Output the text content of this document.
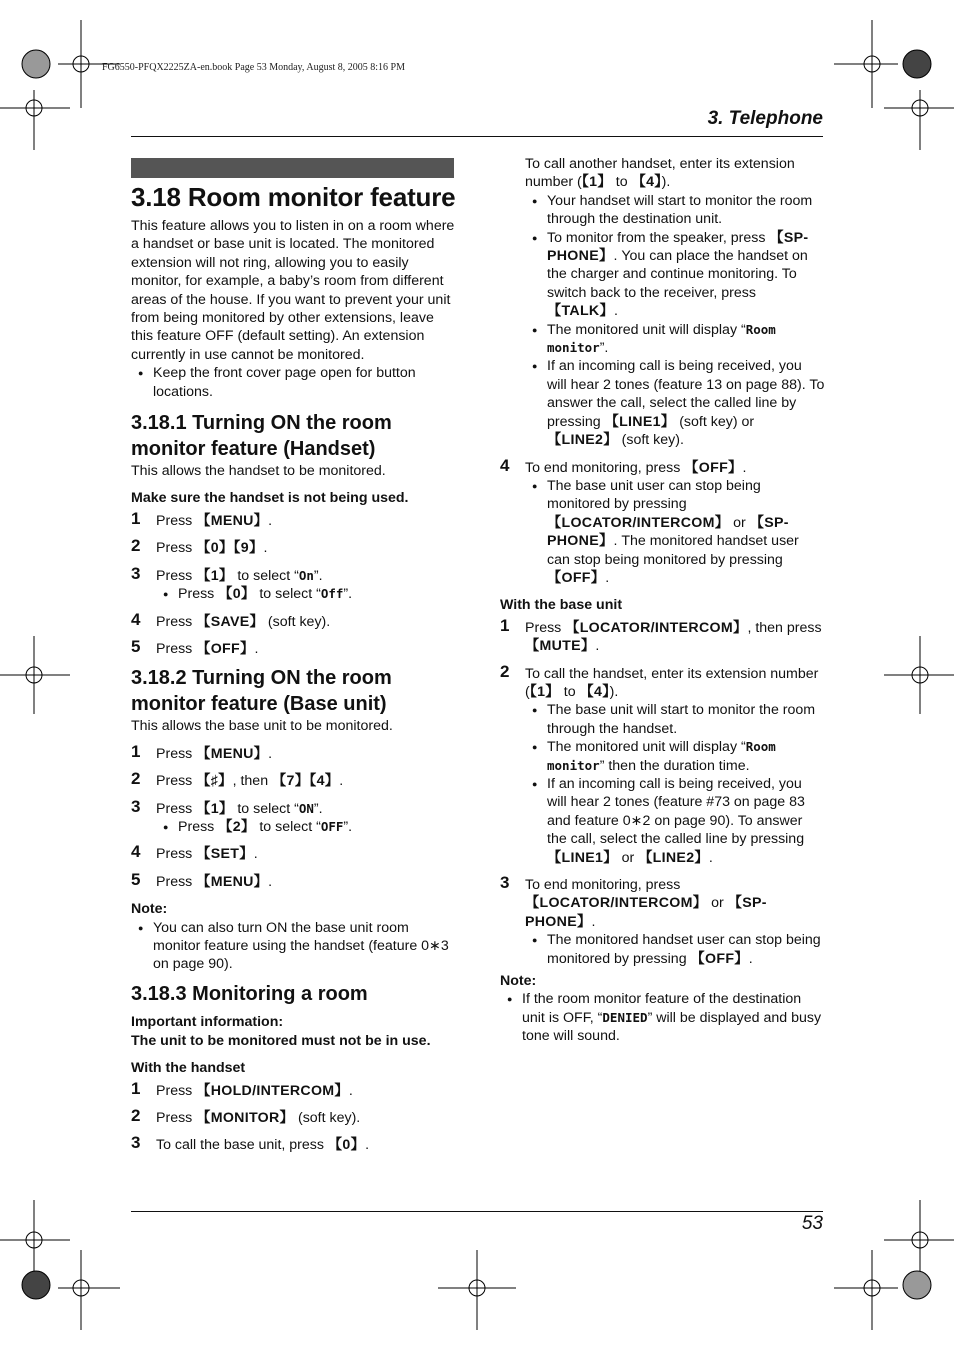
FG6550-PFQX2225ZA-en.book Page 53 Monday, August 8, 2005 8:16 PM
3. Telephone
3.18 Room monitor feature

This feature allows you to listen in on a room where a handset or base unit is located. The monitored extension will not ring, allowing you to easily monitor, for example, a baby’s room from different areas of the house. If you want to prevent your unit from being monitored by other extensions, leave this feature OFF (default setting). An extension currently in use cannot be monitored.

● Keep the front cover page open for button locations.

3.18.1 Turning ON the room monitor feature (Handset)

This allows the handset to be monitored.

Make sure the handset is not being used.

1 Press 【MENU】.

2 Press 【0】【9】.

3 Press 【1】 to select “On”.

● Press 【0】 to select “Off”.

4 Press 【SAVE】 (soft key).

5 Press 【OFF】.

3.18.2 Turning ON the room monitor feature (Base unit)

This allows the base unit to be monitored.

1 Press 【MENU】.

2 Press 【♯】, then 【7】【4】.

3 Press 【1】 to select “ON”.

● Press 【2】 to select “OFF”.

4 Press 【SET】.

5 Press 【MENU】.

Note:

● You can also turn ON the base unit room monitor feature using the handset (feature 0∗3 on page 90).

3.18.3 Monitoring a room

Important information:

The unit to be monitored must not be in use.

With the handset

1 Press 【HOLD/INTERCOM】.

2 Press 【MONITOR】 (soft key).

3 To call the base unit, press 【0】.

To call another handset, enter its extension number (【1】 to 【4】).

● Your handset will start to monitor the room through the destination unit.

● To monitor from the speaker, press 【SP-PHONE】. You can place the handset on the charger and continue monitoring. To switch back to the receiver, press 【TALK】.

● The monitored unit will display “Room monitor”.

● If an incoming call is being received, you will hear 2 tones (feature 13 on page 88). To answer the call, select the called line by pressing 【LINE1】 (soft key) or 【LINE2】 (soft key).

4 To end monitoring, press 【OFF】.

● The base unit user can stop being monitored by pressing 【LOCATOR/INTERCOM】 or 【SP-PHONE】. The monitored handset user can stop being monitored by pressing 【OFF】.

With the base unit

1 Press 【LOCATOR/INTERCOM】, then press 【MUTE】.

2 To call the handset, enter its extension number (【1】 to 【4】).

● The base unit will start to monitor the room through the handset.

● The monitored unit will display “Room monitor” then the duration time.

● If an incoming call is being received, you will hear 2 tones (feature #73 on page 83 and feature 0∗2 on page 90). To answer the call, select the called line by pressing 【LINE1】 or 【LINE2】.

3 To end monitoring, press 【LOCATOR/INTERCOM】 or 【SP-PHONE】.

● The monitored handset user can stop being monitored by pressing 【OFF】.

Note:

● If the room monitor feature of the destination unit is OFF, “DENIED” will be displayed and busy tone will sound.

53
